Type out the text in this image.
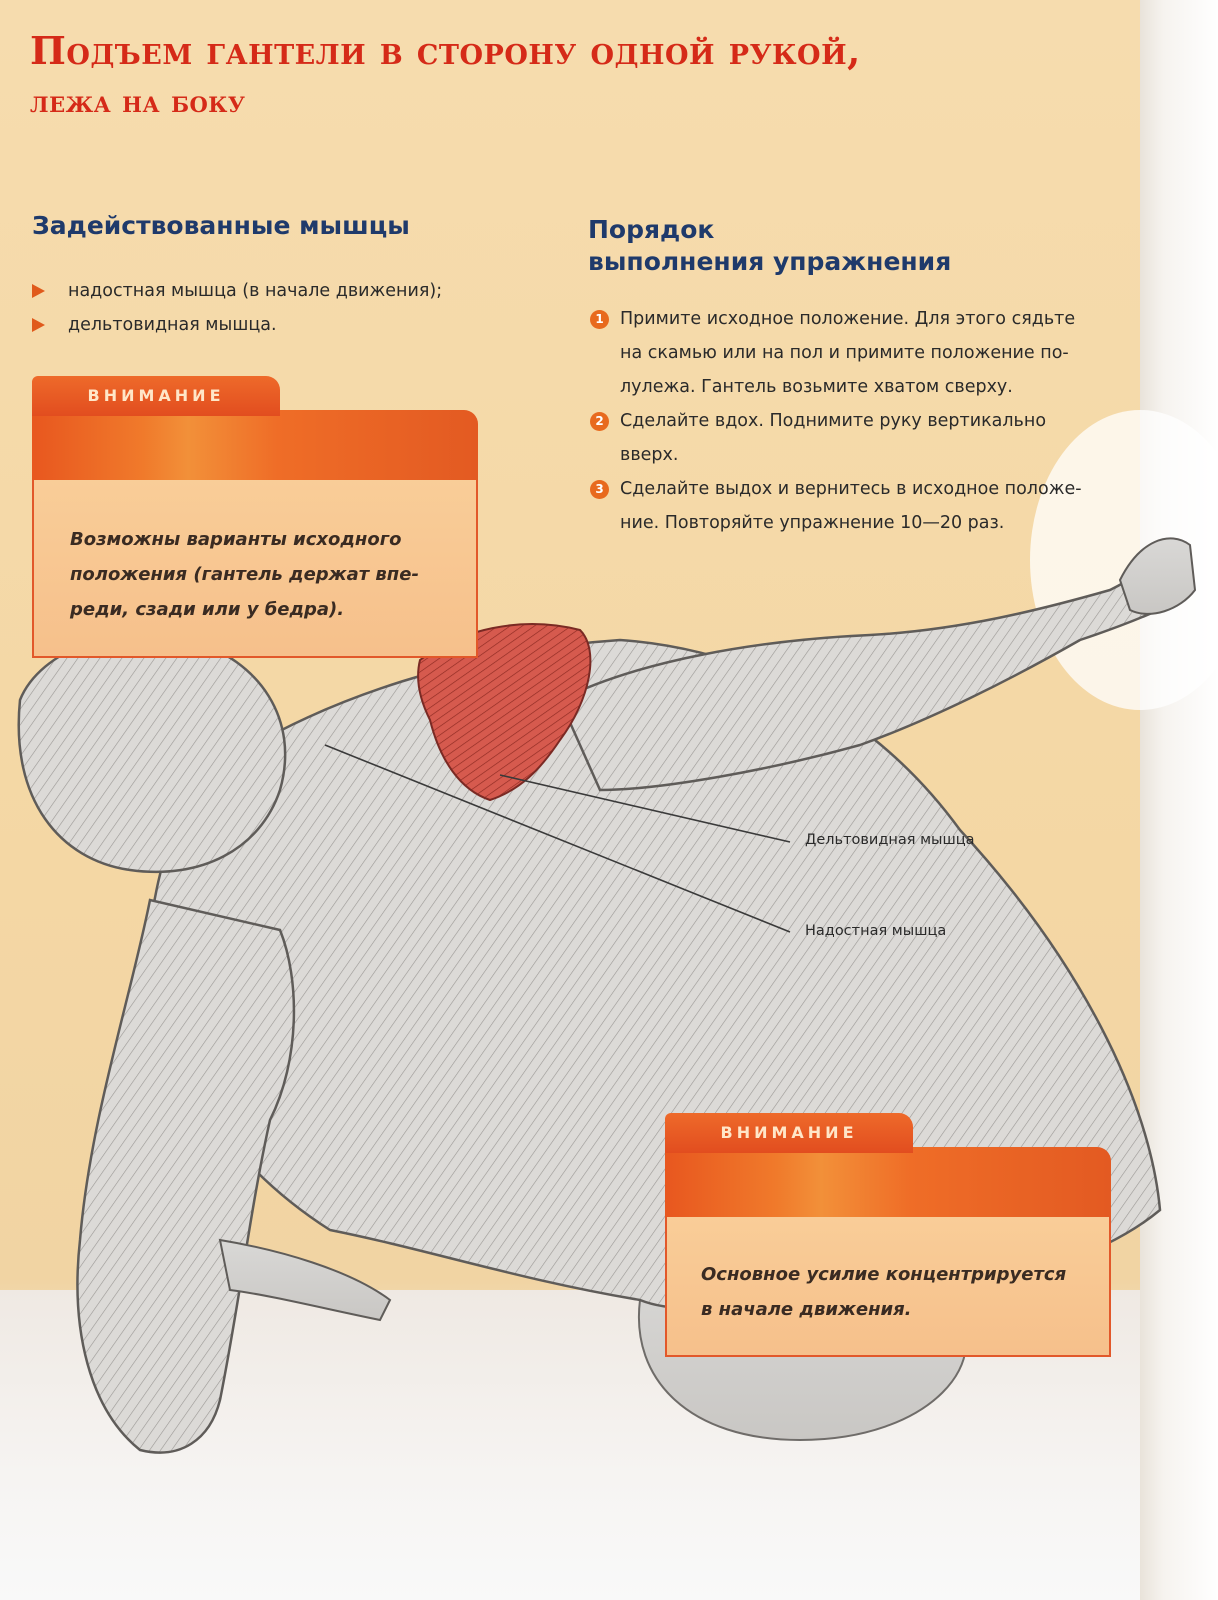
Подъем гантели в сторону одной рукой,
лежа на боку
Задействованные мышцы
надостная мышца (в начале движения);
дельтовидная мышца.
Порядок
выполнения упражнения
1 Примите исходное положение. Для этого сядьте
на скамью или на пол и примите положение по-
лулежа. Гантель возьмите хватом сверху.
2 Сделайте вдох. Поднимите руку вертикально
вверх.
3 Сделайте выдох и вернитесь в исходное положе-
ние. Повторяйте упражнение 10—20 раз.
ВНИМАНИЕ

Возможны варианты исходного
положения (гантель держат впе-
реди, сзади или у бедра).

ВНИМАНИЕ

Основное усилие концентрируется
в начале движения.

Дельтовидная мышца
Надостная мышца
